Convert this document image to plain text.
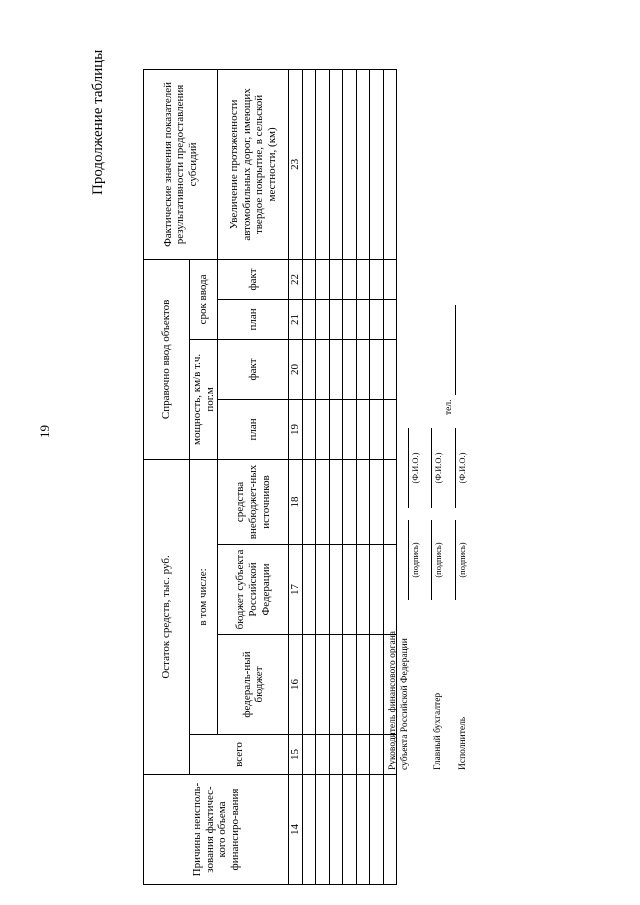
19
Продолжение таблицы
Причины неисполь-зования фактичес-кого объема финансиро-вания	Остаток средств, тыс. руб.				Справочно ввод объектов				Фактические значения показателей результативности предоставления субсидий
	всего	в том числе:			мощность, км/в т.ч. пог.м		срок ввода		
		федераль-ный бюджет	бюджет субъекта Российской Федерации	средства внебюджет-ных источников	план	факт	план	факт	Увеличение протяженности автомобильных дорог, имеющих твердое покрытие, в сельской местности, (км)
14	15	16	17	18	19	20	21	22	23

Руководитель финансового органа субъекта Российской Федерации
(подпись)
(Ф.И.О.)
Главный бухгалтер
(подпись)
(Ф.И.О.)
Исполнитель
(подпись)
(Ф.И.О.)
тел.
